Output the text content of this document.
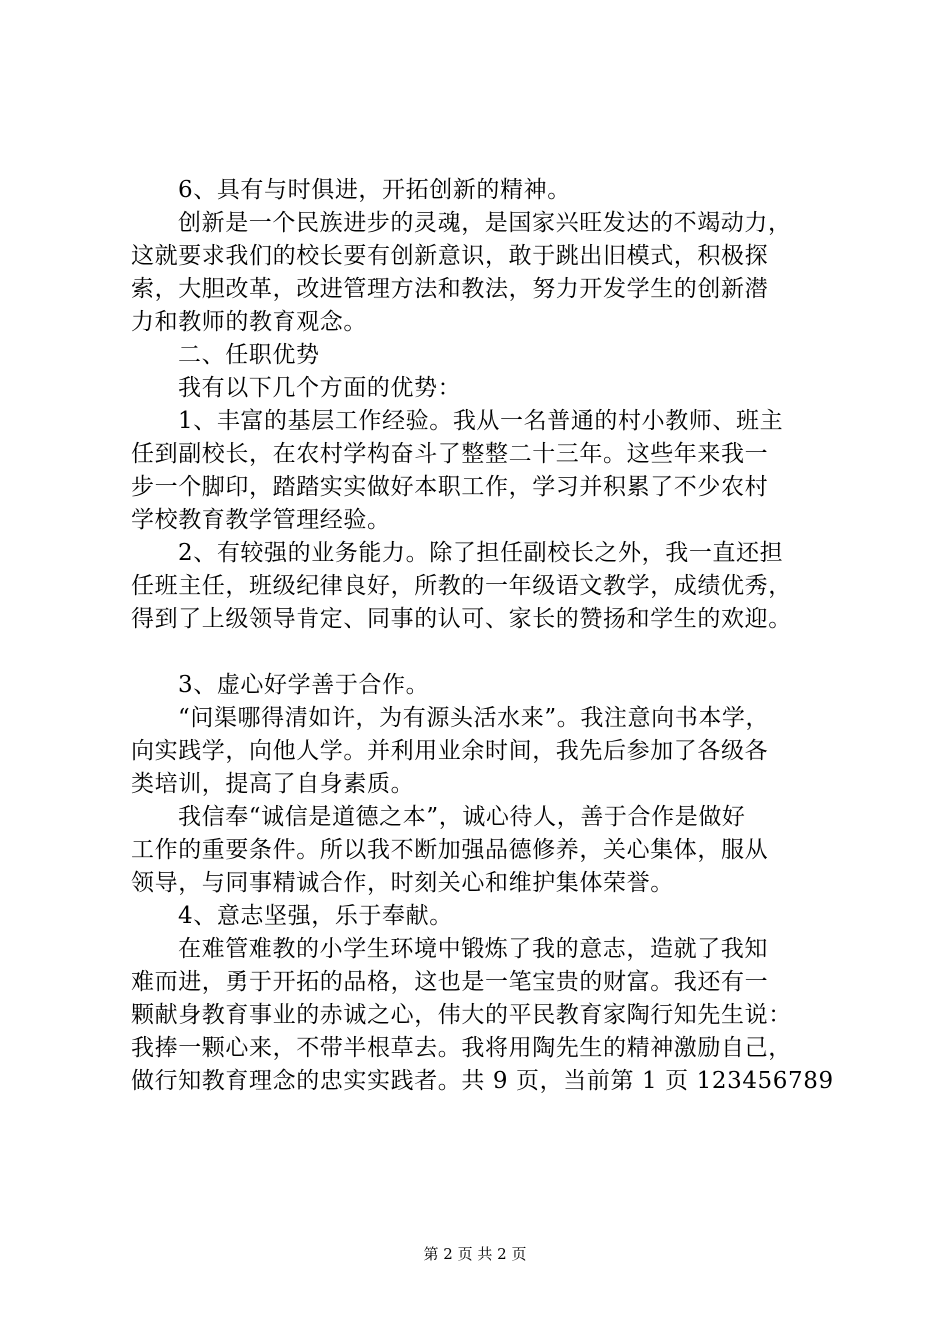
6、具有与时俱进，开拓创新的精神。
创新是一个民族进步的灵魂，是国家兴旺发达的不竭动力，
这就要求我们的校长要有创新意识，敢于跳出旧模式，积极探
索，大胆改革，改进管理方法和教法，努力开发学生的创新潜
力和教师的教育观念。
二、任职优势
我有以下几个方面的优势：
1、丰富的基层工作经验。我从一名普通的村小教师、班主
任到副校长，在农村学构奋斗了整整二十三年。这些年来我一
步一个脚印，踏踏实实做好本职工作，学习并积累了不少农村
学校教育教学管理经验。
2、有较强的业务能力。除了担任副校长之外，我一直还担
任班主任，班级纪律良好，所教的一年级语文教学，成绩优秀，
得到了上级领导肯定、同事的认可、家长的赞扬和学生的欢迎。
3、虚心好学善于合作。
“问渠哪得清如许，为有源头活水来”。我注意向书本学，
向实践学，向他人学。并利用业余时间，我先后参加了各级各
类培训，提高了自身素质。
我信奉“诚信是道德之本”，诚心待人，善于合作是做好
工作的重要条件。所以我不断加强品德修养，关心集体，服从
领导，与同事精诚合作，时刻关心和维护集体荣誉。
4、意志坚强，乐于奉献。
在难管难教的小学生环境中锻炼了我的意志，造就了我知
难而进，勇于开拓的品格，这也是一笔宝贵的财富。我还有一
颗献身教育事业的赤诚之心，伟大的平民教育家陶行知先生说：
我捧一颗心来，不带半根草去。我将用陶先生的精神激励自己，
做行知教育理念的忠实实践者。共 9 页，当前第 1 页 123456789
第 2 页 共 2 页
